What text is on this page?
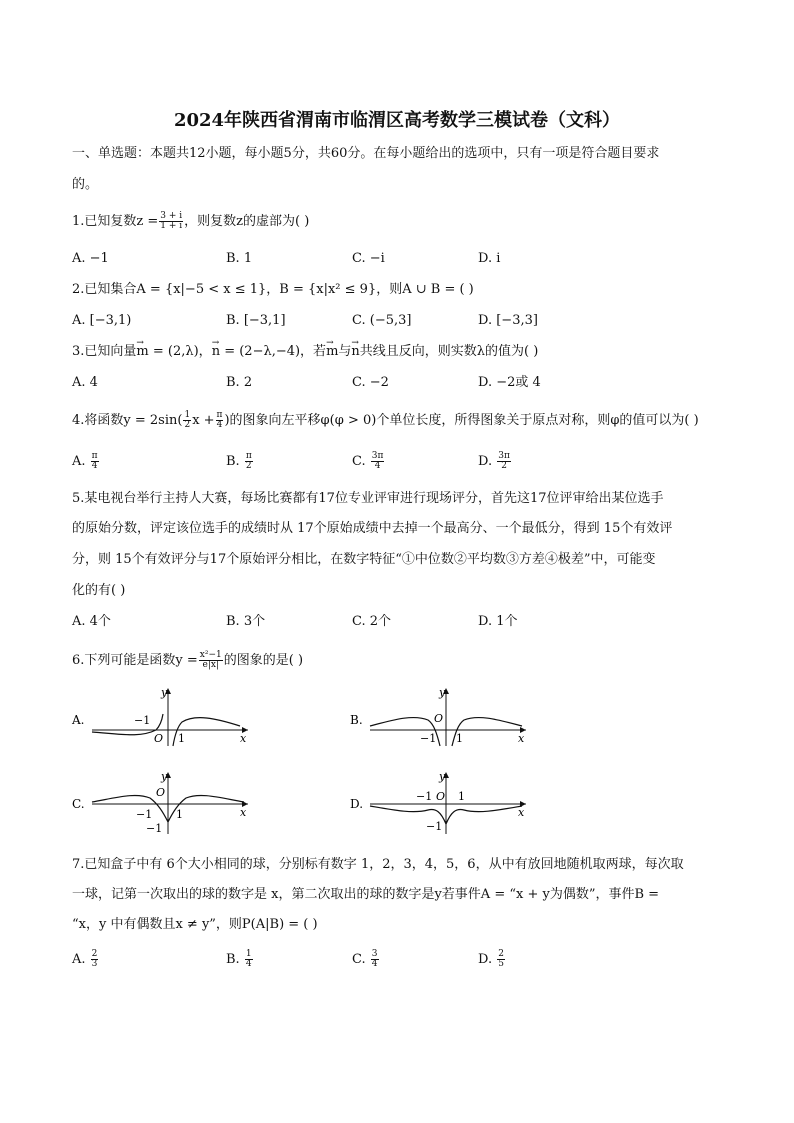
2024年陕西省渭南市临渭区高考数学三模试卷（文科）
一、单选题：本题共12小题，每小题5分，共60分。在每小题给出的选项中，只有一项是符合题目要求
的。
1.已知复数$z = \frac{3 + i}{1 + i}$ ，则复数z的虚部为( )
A. −1	B. 1	C. −i	D. i
2.已知集合A = {x|−5 < x ≤ 1}，B = {x|x² ≤ 9}，则A ∪ B = ( )
A. [−3,1)	B. [−3,1]	C. (−5,3]	D. [−3,3]
3.已知向量→ m = (2,λ)，→ n = (2−λ,−4)，若→ m与→ n共线且反向，则实数λ的值为( )
A. 4	B. 2	C. −2	D. −2或 4
4.将函数$y = 2\sin( \frac{1}{2}$ $x + \frac{\pi}{4}$ )的图象向左平移φ(φ > 0)个单位长度，所得图象关于原点对称，则φ的值可以为( )
A. $\frac{\pi}{4}$	B. $\frac{\pi}{2}$	C. $\frac{3\pi}{4}$	D. $\frac{3\pi}{2}$
5.某电视台举行主持人大赛，每场比赛都有17位专业评审进行现场评分，首先这17位评审给出某位选手
的原始分数，评定该位选手的成绩时从 17个原始成绩中去掉一个最高分、一个最低分，得到 15个有效评
分，则 15个有效评分与17个原始评分相比，在数字特征“①中位数②平均数③方差④极差”中，可能变
化的有( )
A. 4个	B. 3个	C. 2个	D. 1个
6.下列可能是函数$y = \frac{\text{x²−1}}{e|x|}$ 的图象的是( )
A.
y
x
O
−1
1
B.
y
x
O
−1 1
C.
y
x
O
−1 1
−1
D.
y
x
O
−1 1
−1
7.已知盒子中有 6个大小相同的球，分别标有数字 1，2，3，4，5，6，从中有放回地随机取两球，每次取
一球，记第一次取出的球的数字是 x，第二次取出的球的数字是y若事件A = “x + y为偶数”，事件B =
“x，y 中有偶数且x ≠ y”，则P(A|B) = ( )
A. $\frac{2}{3}$	B. $\frac{1}{4}$	C. $\frac{3}{4}$	D. $\frac{2}{5}$
